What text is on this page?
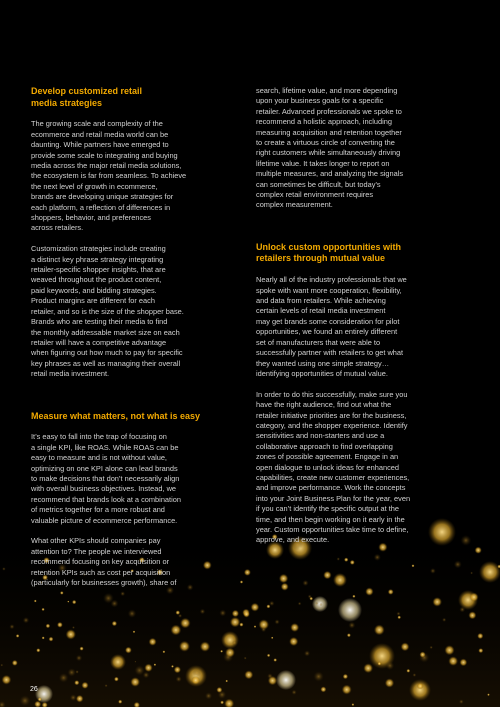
Develop customized retail
media strategies
The growing scale and complexity of the
ecommerce and retail media world can be
daunting. While partners have emerged to
provide some scale to integrating and buying
media across the major retail media solutions,
the ecosystem is far from seamless. To achieve
the next level of growth in ecommerce,
brands are developing unique strategies for
each platform, a reflection of differences in
shoppers, behavior, and preferences
across retailers.
Customization strategies include creating
a distinct key phrase strategy integrating
retailer-specific shopper insights, that are
weaved throughout the product content,
paid keywords, and bidding strategies.
Product margins are different for each
retailer, and so is the size of the shopper base.
Brands who are testing their media to find
the monthly addressable market size on each
retailer will have a competitive advantage
when figuring out how much to pay for specific
key phrases as well as managing their overall
retail media investment.
Measure what matters, not what is easy
It’s easy to fall into the trap of focusing on
a single KPI, like ROAS. While ROAS can be
easy to measure and is not without value,
optimizing on one KPI alone can lead brands
to make decisions that don’t necessarily align
with overall business objectives. Instead, we
recommend that brands look at a combination
of metrics together for a more robust and
valuable picture of ecommerce performance.
What other KPIs should companies pay
attention to? The people we interviewed
recommend focusing on key acquisition or
retention KPIs such as cost per acquisition
(particularly for businesses growth), share of
search, lifetime value, and more depending
upon your business goals for a specific
retailer. Advanced professionals we spoke to
recommend a holistic approach, including
measuring acquisition and retention together
to create a virtuous circle of converting the
right customers while simultaneously driving
lifetime value. It takes longer to report on
multiple measures, and analyzing the signals
can sometimes be difficult, but today’s
complex retail environment requires
complex measurement.
Unlock custom opportunities with
retailers through mutual value
Nearly all of the industry professionals that we
spoke with want more cooperation, flexibility,
and data from retailers. While achieving
certain levels of retail media investment
may get brands some consideration for pilot
opportunities, we found an entirely different
set of manufacturers that were able to
successfully partner with retailers to get what
they wanted using one simple strategy…
identifying opportunities of mutual value.
In order to do this successfully, make sure you
have the right audience, find out what the
retailer initiative priorities are for the business,
category, and the shopper experience. Identify
sensitivities and non-starters and use a
collaborative approach to find overlapping
zones of possible agreement. Engage in an
open dialogue to unlock ideas for enhanced
capabilities, create new customer experiences,
and improve performance. Work the concepts
into your Joint Business Plan for the year, even
if you can’t identify the specific output at the
time, and then begin working on it early in the
year. Custom opportunities take time to define,
approve, and execute.
26
